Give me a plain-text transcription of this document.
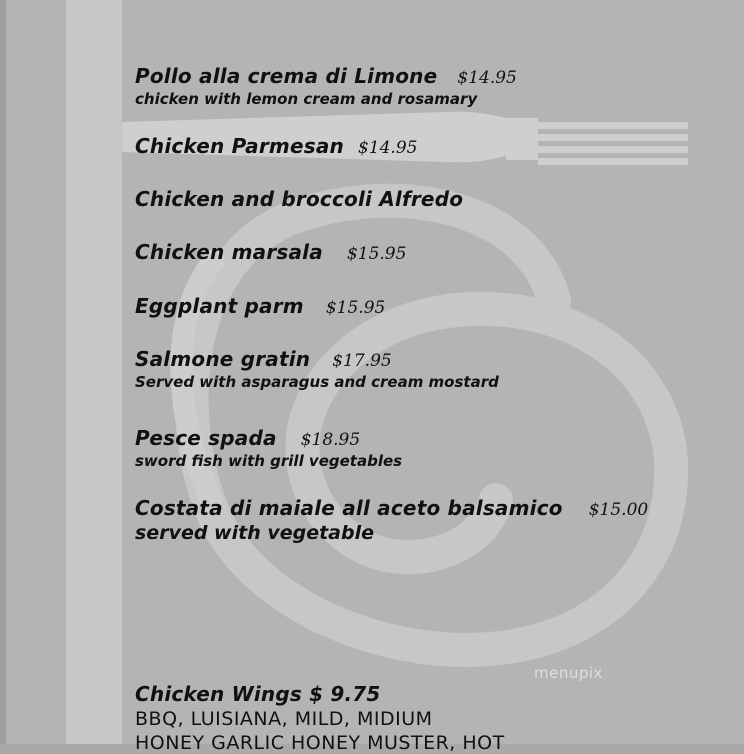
Pollo alla crema di Limone $14.95
chicken with lemon cream and rosamary
Chicken Parmesan $14.95
Chicken and broccoli Alfredo
Chicken marsala $15.95
Eggplant parm $15.95
Salmone gratin $17.95
Served with asparagus and cream mostard
Pesce spada $18.95
sword fish with grill vegetables
Costata di maiale all aceto balsamico $15.00
served with vegetable
Chicken Wings $ 9.75
BBQ, LUISIANA, MILD, MIDIUM
HONEY GARLIC HONEY MUSTER, HOT
menupix
